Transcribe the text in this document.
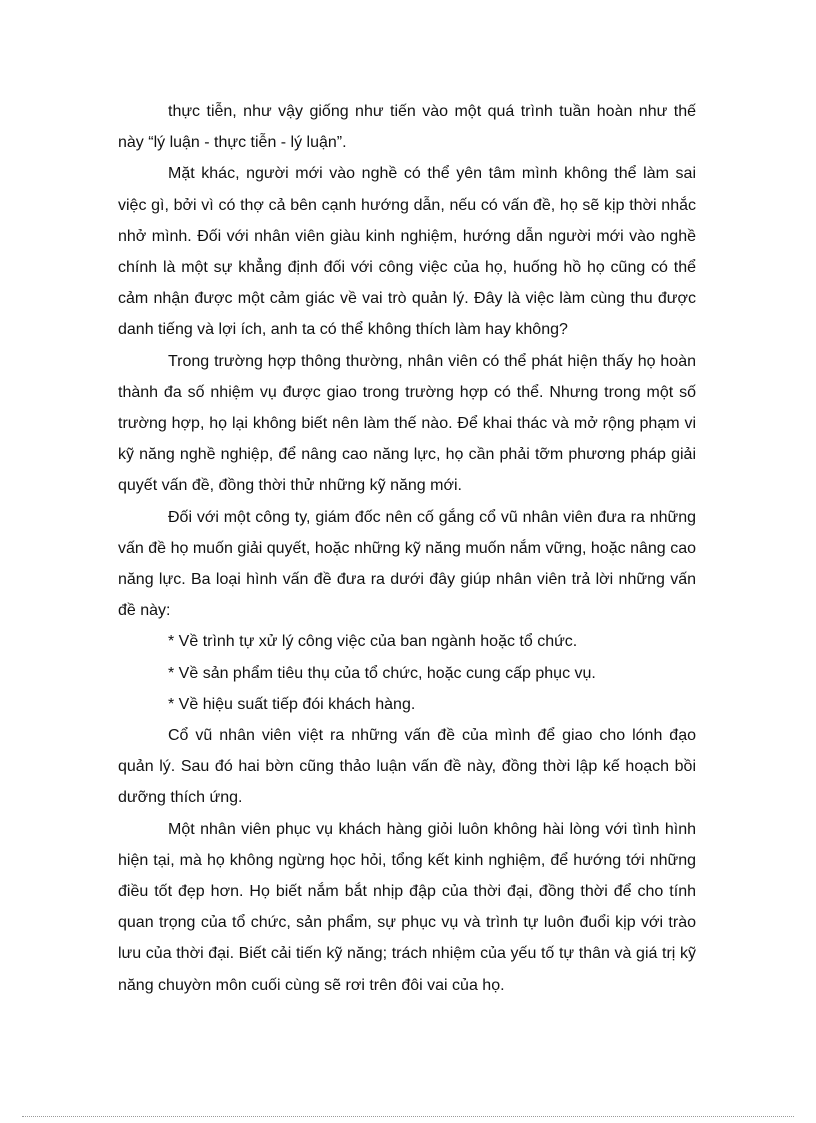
thực tiễn, như vậy giống như tiến vào một quá trình tuần hoàn như thế này “lý luận - thực tiễn - lý luận”.

Mặt khác, người mới vào nghề có thể yên tâm mình không thể làm sai việc gì, bởi vì có thợ cả bên cạnh hướng dẫn, nếu có vấn đề, họ sẽ kịp thời nhắc nhở mình. Đối với nhân viên giàu kinh nghiệm, hướng dẫn người mới vào nghề chính là một sự khẳng định đối với công việc của họ, huống hồ họ cũng có thể cảm nhận được một cảm giác về vai trò quản lý. Đây là việc làm cùng thu được danh tiếng và lợi ích, anh ta có thể không thích làm hay không?

Trong trường hợp thông thường, nhân viên có thể phát hiện thấy họ hoàn thành đa số nhiệm vụ được giao trong trường hợp có thể. Nhưng trong một số trường hợp, họ lại không biết nên làm thế nào. Để khai thác và mở rộng phạm vi kỹ năng nghề nghiệp, để nâng cao năng lực, họ cần phải tỡm phương pháp giải quyết vấn đề, đồng thời thử những kỹ năng mới.

Đối với một công ty, giám đốc nên cố gắng cổ vũ nhân viên đưa ra những vấn đề họ muốn giải quyết, hoặc những kỹ năng muốn nắm vững, hoặc nâng cao năng lực. Ba loại hình vấn đề đưa ra dưới đây giúp nhân viên trả lời những vấn đề này:

* Về trình tự xử lý công việc của ban ngành hoặc tổ chức.

* Về sản phẩm tiêu thụ của tổ chức, hoặc cung cấp phục vụ.

* Về hiệu suất tiếp đói khách hàng.

Cổ vũ nhân viên việt ra những vấn đề của mình để giao cho lónh đạo quản lý. Sau đó hai bờn cũng thảo luận vấn đề này, đồng thời lập kế hoạch bồi dưỡng thích ứng.

Một nhân viên phục vụ khách hàng giỏi luôn không hài lòng với tình hình hiện tại, mà họ không ngừng học hỏi, tổng kết kinh nghiệm, để hướng tới những điều tốt đẹp hơn. Họ biết nắm bắt nhịp đập của thời đại, đồng thời để cho tính quan trọng của tổ chức, sản phẩm, sự phục vụ và trình tự luôn đuổi kịp với trào lưu của thời đại. Biết cải tiến kỹ năng; trách nhiệm của yếu tố tự thân và giá trị kỹ năng chuyờn môn cuối cùng sẽ rơi trên đôi vai của họ.
